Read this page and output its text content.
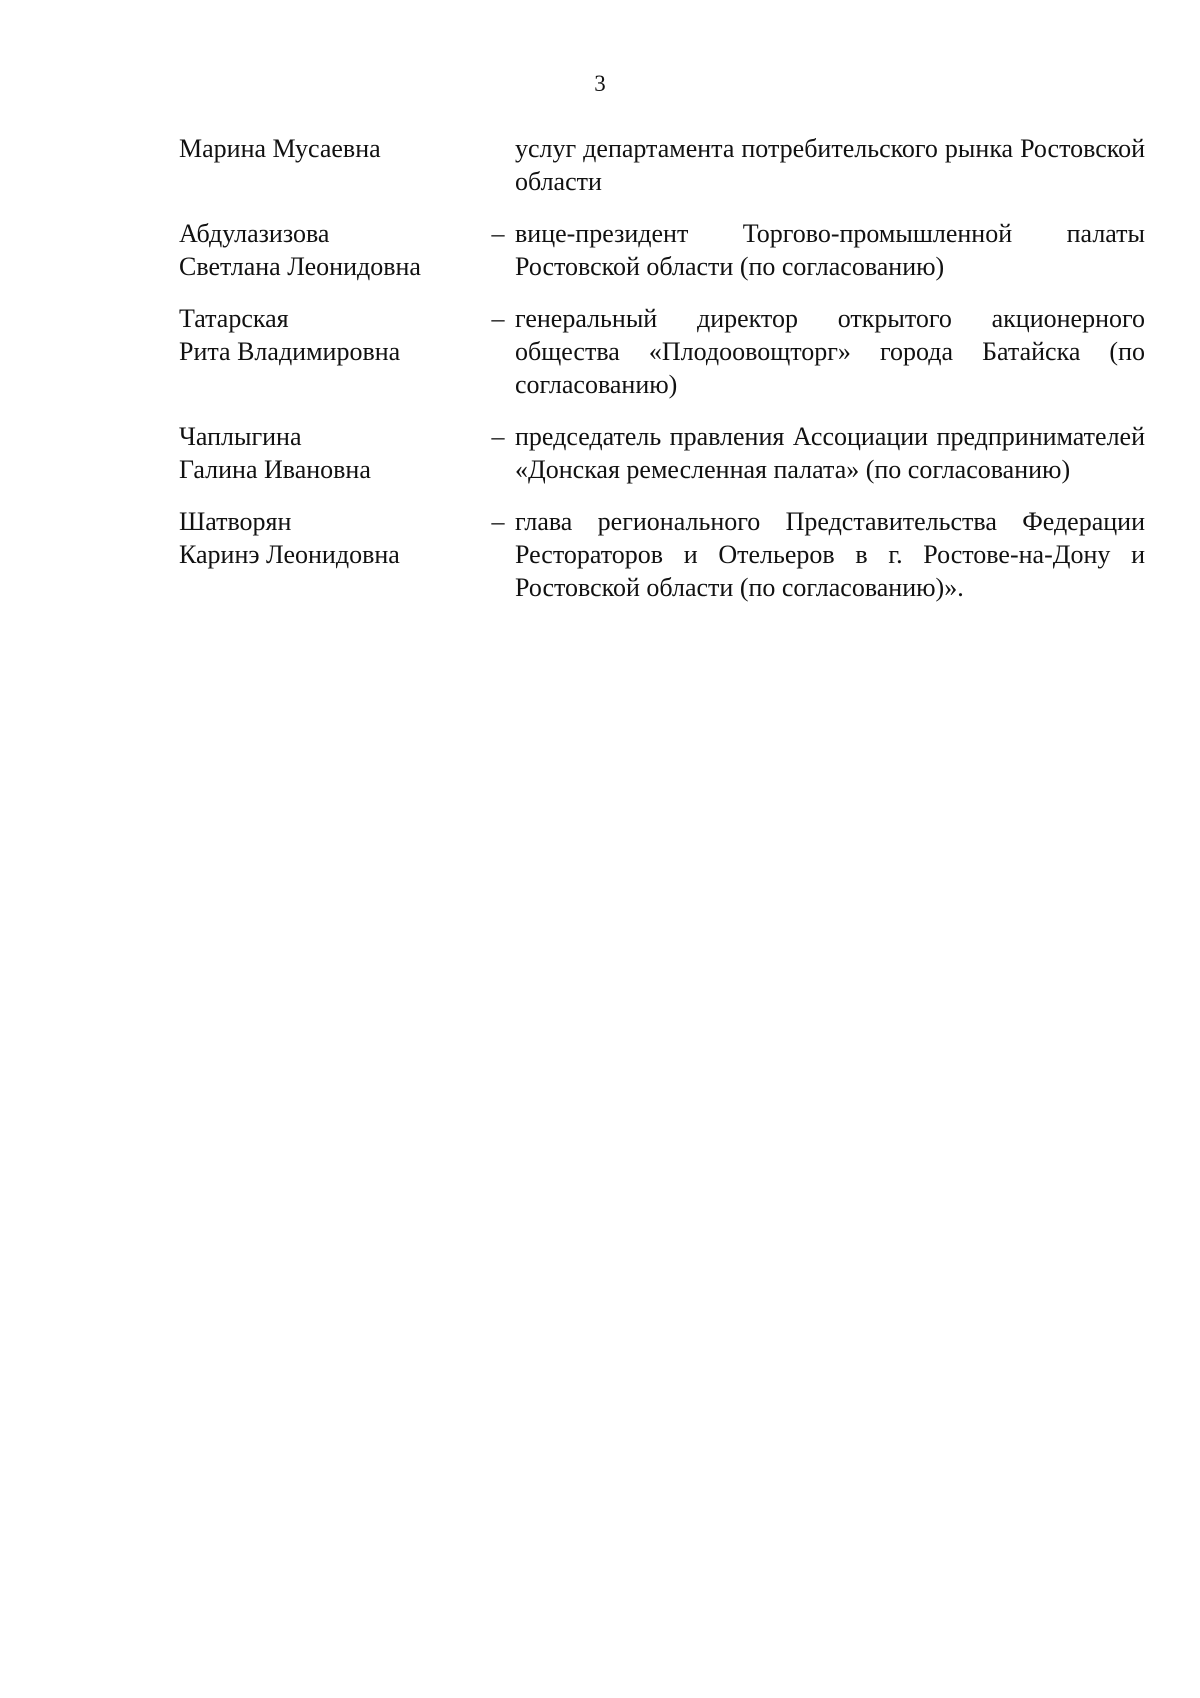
3
Марина Мусаевна	услуг департамента потребительского рынка Ростовской области
Абдулазизова
Светлана Леонидовна
– вице-президент Торгово-промышленной палаты Ростовской области (по согласованию)
Татарская
Рита Владимировна
– генеральный директор открытого акционерного общества «Плодоовощторг» города Батайска (по согласованию)
Чаплыгина
Галина Ивановна
– председатель правления Ассоциации предпринимателей «Донская ремесленная палата» (по согласованию)
Шатворян
Каринэ Леонидовна
– глава регионального Представительства Федерации Рестораторов и Отельеров в г. Ростове-на-Дону и Ростовской области (по согласованию)».
